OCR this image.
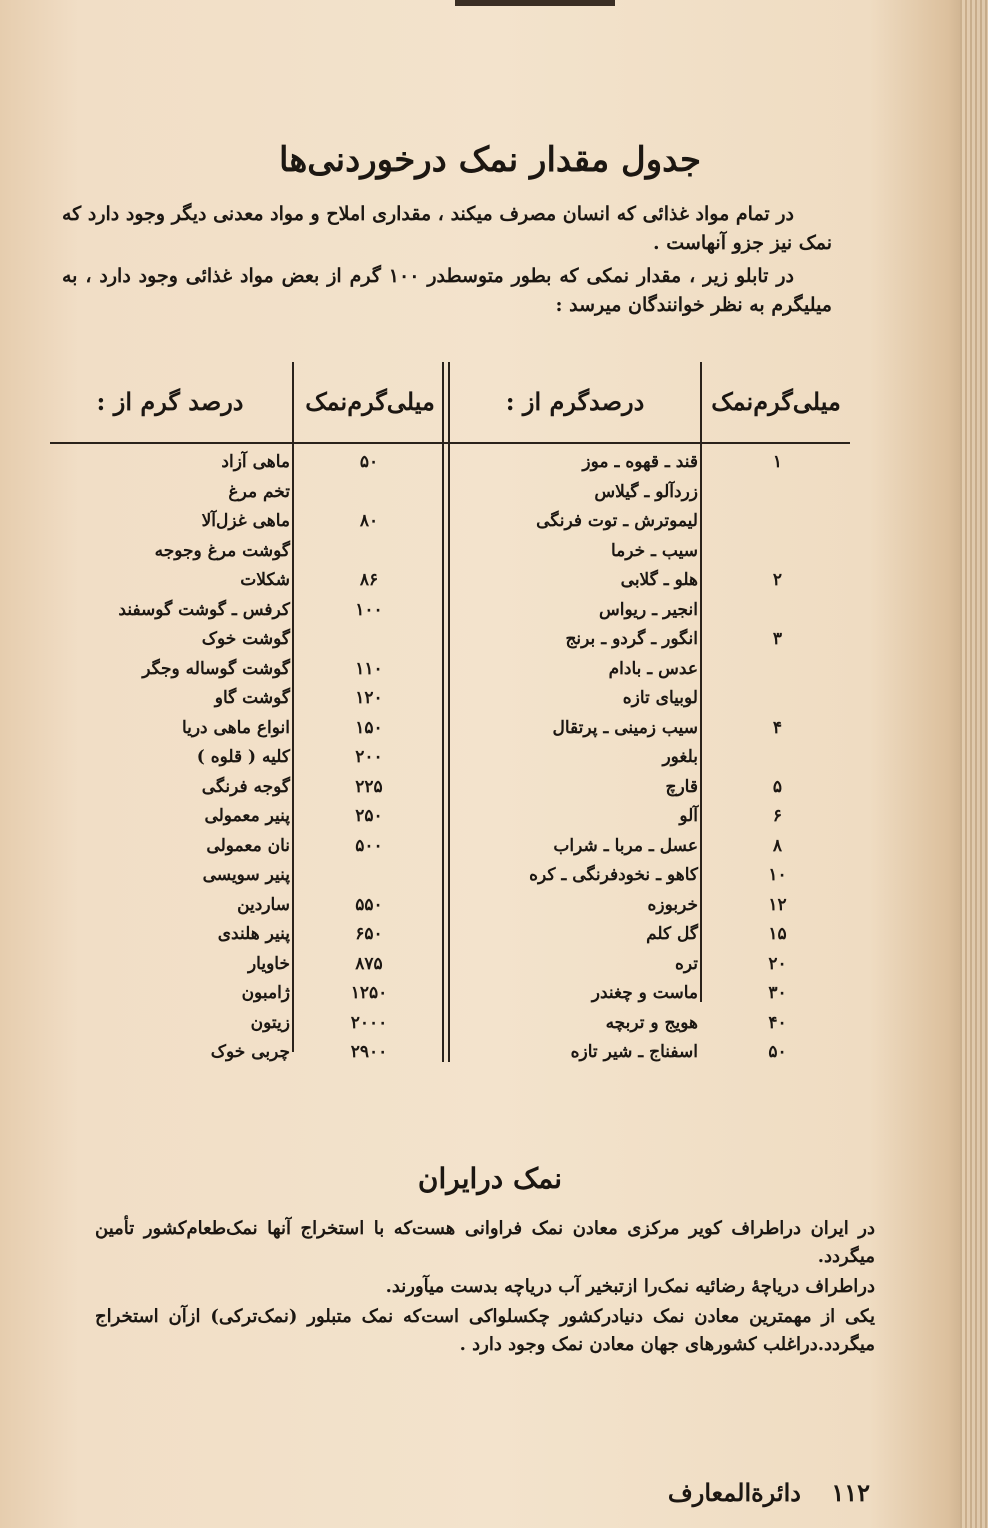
جدول مقدار نمک درخوردنی‌ها

در تمام مواد غذائی که انسان مصرف میکند ، مقداری املاح و مواد معدنی دیگر وجود دارد که نمک نیز جزو آنهاست .

در تابلو زیر ، مقدار نمکی که بطور متوسطدر ۱۰۰ گرم از بعض مواد غذائی وجود دارد ، به میلیگرم به نظر خوانندگان میرسد :

میلی‌گرم‌نمک
درصدگرم از :
میلی‌گرم‌نمک
درصد گرم از :
۱
۲
۳
۴
۵
۶
۸
۱۰
۱۲
۱۵
۲۰
۳۰
۴۰
۵۰
قند ـ قهوه ـ موز
زردآلو ـ گیلاس
لیموترش ـ توت فرنگی
سیب ـ خرما
هلو ـ گلابی
انجیر ـ ریواس
انگور ـ گردو ـ برنج
عدس ـ بادام
لوبیای تازه
سیب زمینی ـ پرتقال
بلغور
قارچ
آلو
عسل ـ مربا ـ شراب
کاهو ـ نخودفرنگی ـ کره
خربوزه
گل کلم
تره
ماست و چغندر
هویج و تربچه
اسفناج ـ شیر تازه
۵۰
۸۰
۸۶
۱۰۰
۱۱۰
۱۲۰
۱۵۰
۲۰۰
۲۲۵
۲۵۰
۵۰۰
۵۵۰
۶۵۰
۸۷۵
۱۲۵۰
۲۰۰۰
۲۹۰۰
ماهی آزاد
تخم مرغ
ماهی غزل‌آلا
گوشت مرغ وجوجه
شکلات
کرفس ـ گوشت گوسفند
گوشت خوک
گوشت گوساله وجگر
گوشت گاو
انواع ماهی دریا
کلیه ( قلوه )
گوجه فرنگی
پنیر معمولی
نان معمولی
پنیر سویسی
ساردین
پنیر هلندی
خاویار
ژامبون
زیتون
چربی خوک
نمک درایران

در ایران دراطراف کویر مرکزی معادن نمک فراوانی هست‌که با استخراج آنها نمک‌طعام‌کشور تأمین میگردد.

دراطراف دریاچهٔ رضائیه نمک‌را ازتبخیر آب دریاچه بدست میآورند.

یکی از مهمترین معادن نمک دنیادرکشور چکسلواکی است‌که نمک متبلور (نمک‌ترکی) ازآن استخراج میگردد.دراغلب کشورهای جهان معادن نمک وجود دارد .

۱۱۲ دائرة‌المعارف
